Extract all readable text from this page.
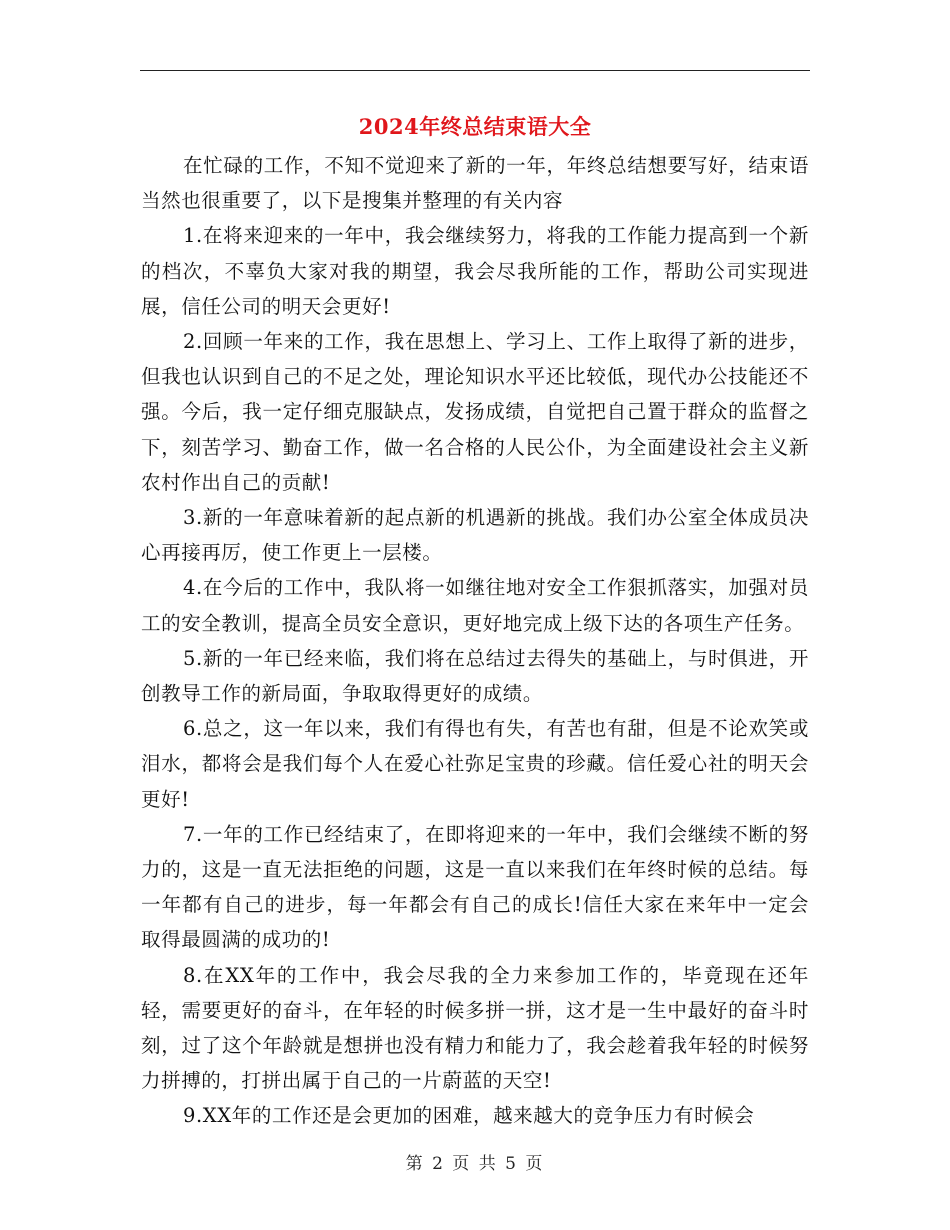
2024年终总结束语大全

在忙碌的工作，不知不觉迎来了新的一年，年终总结想要写好，结束语当然也很重要了，以下是搜集并整理的有关内容

1.在将来迎来的一年中，我会继续努力，将我的工作能力提高到一个新的档次，不辜负大家对我的期望，我会尽我所能的工作，帮助公司实现进展，信任公司的明天会更好!

2.回顾一年来的工作，我在思想上、学习上、工作上取得了新的进步，但我也认识到自己的不足之处，理论知识水平还比较低，现代办公技能还不强。今后，我一定仔细克服缺点，发扬成绩，自觉把自己置于群众的监督之下，刻苦学习、勤奋工作，做一名合格的人民公仆，为全面建设社会主义新农村作出自己的贡献!

3.新的一年意味着新的起点新的机遇新的挑战。我们办公室全体成员决心再接再厉，使工作更上一层楼。

4.在今后的工作中，我队将一如继往地对安全工作狠抓落实，加强对员工的安全教训，提高全员安全意识，更好地完成上级下达的各项生产任务。

5.新的一年已经来临，我们将在总结过去得失的基础上，与时俱进，开创教导工作的新局面，争取取得更好的成绩。

6.总之，这一年以来，我们有得也有失，有苦也有甜，但是不论欢笑或泪水，都将会是我们每个人在爱心社弥足宝贵的珍藏。信任爱心社的明天会更好!

7.一年的工作已经结束了，在即将迎来的一年中，我们会继续不断的努力的，这是一直无法拒绝的问题，这是一直以来我们在年终时候的总结。每一年都有自己的进步，每一年都会有自己的成长!信任大家在来年中一定会取得最圆满的成功的!

8.在XX年的工作中，我会尽我的全力来参加工作的，毕竟现在还年轻，需要更好的奋斗，在年轻的时候多拼一拼，这才是一生中最好的奋斗时刻，过了这个年龄就是想拼也没有精力和能力了，我会趁着我年轻的时候努力拼搏的，打拼出属于自己的一片蔚蓝的天空!

9.XX年的工作还是会更加的困难，越来越大的竞争压力有时候会

第 2 页 共 5 页
